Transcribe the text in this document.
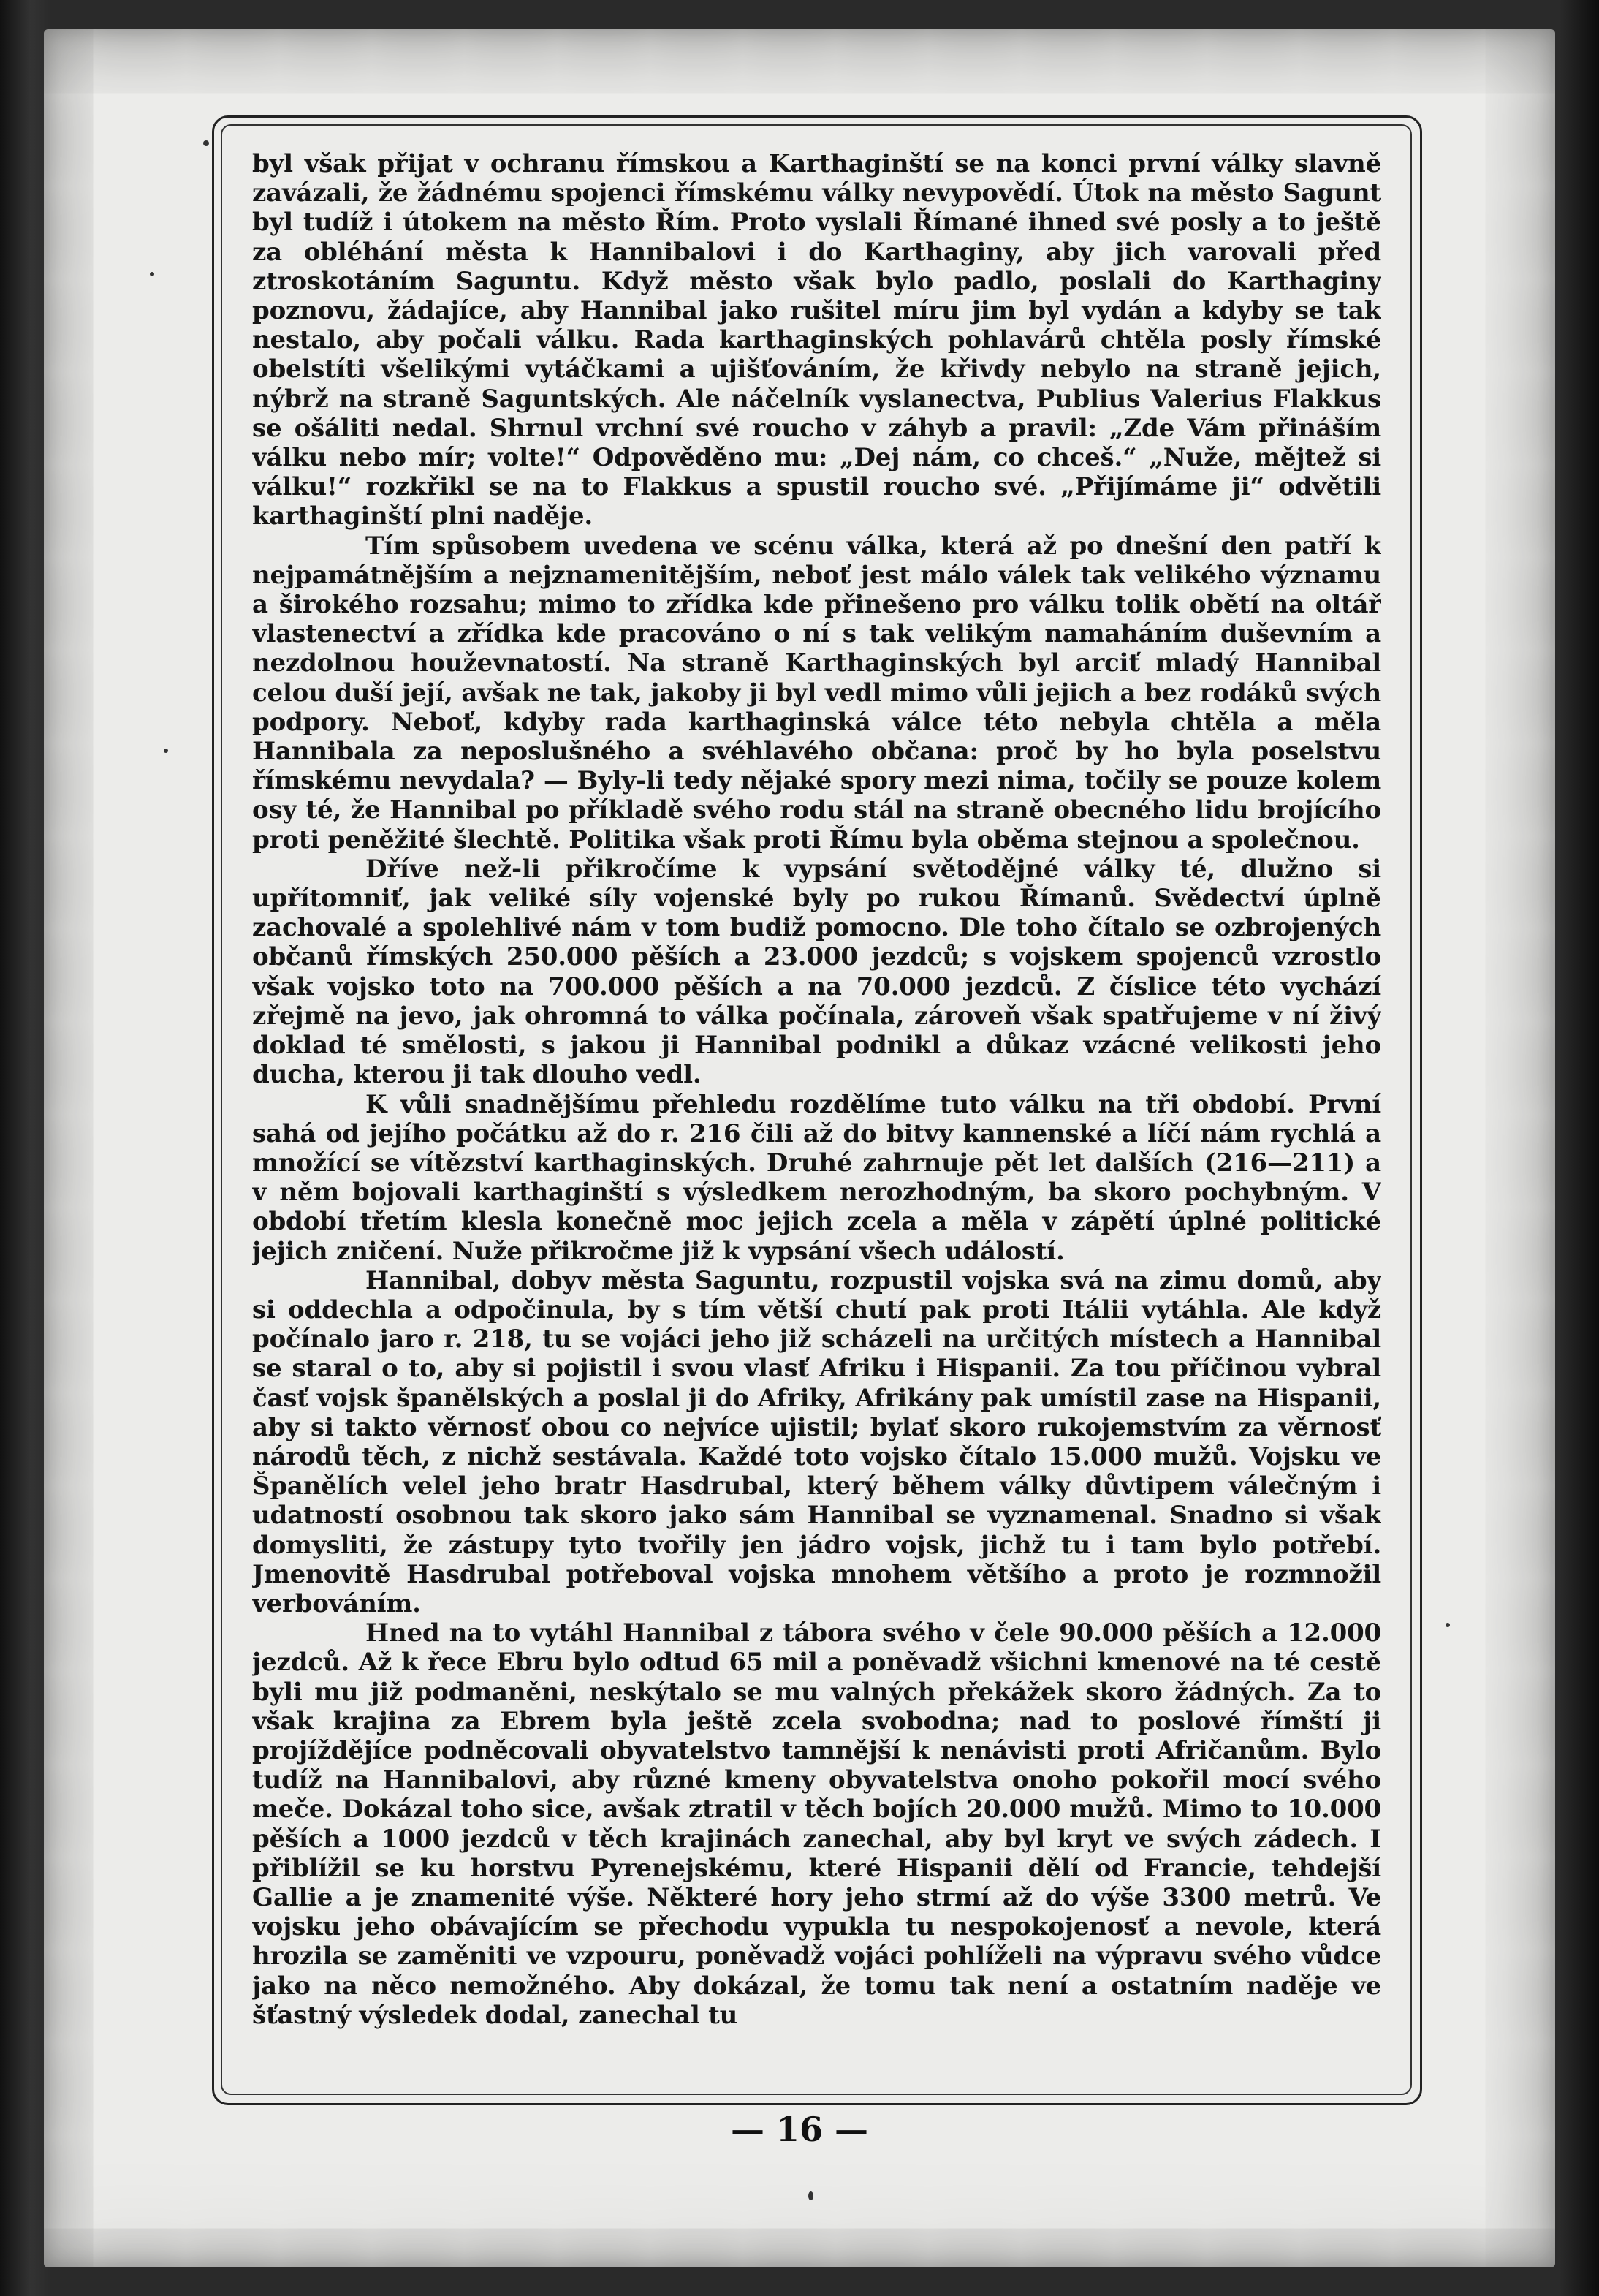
byl však přijat v ochranu římskou a Karthaginští se na konci první války slavně zavázali, že žádnému spojenci římskému války nevypovědí. Útok na město Sagunt byl tudíž i útokem na město Řím. Proto vyslali Římané ihned své posly a to ještě za obléhání města k Hannibalovi i do Karthaginy, aby jich varovali před ztroskotáním Saguntu. Když město však bylo padlo, poslali do Karthaginy poznovu, žádajíce, aby Hannibal jako rušitel míru jim byl vydán a kdyby se tak nestalo, aby počali válku. Rada karthaginských pohlavárů chtěla posly římské obelstíti všelikými vytáčkami a ujišťováním, že křivdy nebylo na straně jejich, nýbrž na straně Saguntských. Ale náčelník vyslanectva, Publius Valerius Flakkus se ošáliti nedal. Shrnul vrchní své roucho v záhyb a pravil: „Zde Vám přináším válku nebo mír; volte!“ Odpověděno mu: „Dej nám, co chceš.“ „Nuže, mějtež si válku!“ rozkřikl se na to Flakkus a spustil roucho své. „Přijímáme ji“ odvětili karthaginští plni naděje.

Tím spůsobem uvedena ve scénu válka, která až po dnešní den patří k nejpamátnějším a nejznamenitějším, neboť jest málo válek tak velikého významu a širokého rozsahu; mimo to zřídka kde přinešeno pro válku tolik obětí na oltář vlastenectví a zřídka kde pracováno o ní s tak velikým namaháním duševním a nezdolnou houževnatostí. Na straně Karthaginských byl arciť mladý Hannibal celou duší její, avšak ne tak, jakoby ji byl vedl mimo vůli jejich a bez rodáků svých podpory. Neboť, kdyby rada karthaginská válce této nebyla chtěla a měla Hannibala za neposlušného a svéhlavého občana: proč by ho byla poselstvu římskému nevydala? — Byly-li tedy nějaké spory mezi nima, točily se pouze kolem osy té, že Hannibal po příkladě svého rodu stál na straně obecného lidu brojícího proti peněžité šlechtě. Politika však proti Římu byla oběma stejnou a společnou.

Dříve než-li přikročíme k vypsání světodějné války té, dlužno si upřítomniť, jak veliké síly vojenské byly po rukou Římanů. Svědectví úplně zachovalé a spolehlivé nám v tom budiž pomocno. Dle toho čítalo se ozbrojených občanů římských 250.000 pěších a 23.000 jezdců; s vojskem spojenců vzrostlo však vojsko toto na 700.000 pěších a na 70.000 jezdců. Z číslice této vychází zřejmě na jevo, jak ohromná to válka počínala, zároveň však spatřujeme v ní živý doklad té smělosti, s jakou ji Hannibal podnikl a důkaz vzácné velikosti jeho ducha, kterou ji tak dlouho vedl.

K vůli snadnějšímu přehledu rozdělíme tuto válku na tři období. První sahá od jejího počátku až do r. 216 čili až do bitvy kannenské a líčí nám rychlá a množící se vítězství karthaginských. Druhé zahrnuje pět let dalších (216—211) a v něm bojovali karthaginští s výsledkem nerozhodným, ba skoro pochybným. V období třetím klesla konečně moc jejich zcela a měla v zápětí úplné politické jejich zničení. Nuže přikročme již k vypsání všech událostí.

Hannibal, dobyv města Saguntu, rozpustil vojska svá na zimu domů, aby si oddechla a odpočinula, by s tím větší chutí pak proti Itálii vytáhla. Ale když počínalo jaro r. 218, tu se vojáci jeho již scházeli na určitých místech a Hannibal se staral o to, aby si pojistil i svou vlasť Afriku i Hispanii. Za tou příčinou vybral časť vojsk španělských a poslal ji do Afriky, Afrikány pak umístil zase na Hispanii, aby si takto věrnosť obou co nejvíce ujistil; bylať skoro rukojemstvím za věrnosť národů těch, z nichž sestávala. Každé toto vojsko čítalo 15.000 mužů. Vojsku ve Španělích velel jeho bratr Hasdrubal, který během války důvtipem válečným i udatností osobnou tak skoro jako sám Hannibal se vyznamenal. Snadno si však domysliti, že zástupy tyto tvořily jen jádro vojsk, jichž tu i tam bylo potřebí. Jmenovitě Hasdrubal potřeboval vojska mnohem většího a proto je rozmnožil verbováním.

Hned na to vytáhl Hannibal z tábora svého v čele 90.000 pěších a 12.000 jezdců. Až k řece Ebru bylo odtud 65 mil a poněvadž všichni kmenové na té cestě byli mu již podmaněni, neskýtalo se mu valných překážek skoro žádných. Za to však krajina za Ebrem byla ještě zcela svobodna; nad to poslové římští ji projíždějíce podněcovali obyvatelstvo tamnější k nenávisti proti Afričanům. Bylo tudíž na Hannibalovi, aby různé kmeny obyvatelstva onoho pokořil mocí svého meče. Dokázal toho sice, avšak ztratil v těch bojích 20.000 mužů. Mimo to 10.000 pěších a 1000 jezdců v těch krajinách zanechal, aby byl kryt ve svých zádech. I přiblížil se ku horstvu Pyrenejskému, které Hispanii dělí od Francie, tehdejší Gallie a je znamenité výše. Některé hory jeho strmí až do výše 3300 metrů. Ve vojsku jeho obávajícím se přechodu vypukla tu nespokojenosť a nevole, která hrozila se zaměniti ve vzpouru, poněvadž vojáci pohlíželi na výpravu svého vůdce jako na něco nemožného. Aby dokázal, že tomu tak není a ostatním naděje ve šťastný výsledek dodal, zanechal tu

— 16 —
